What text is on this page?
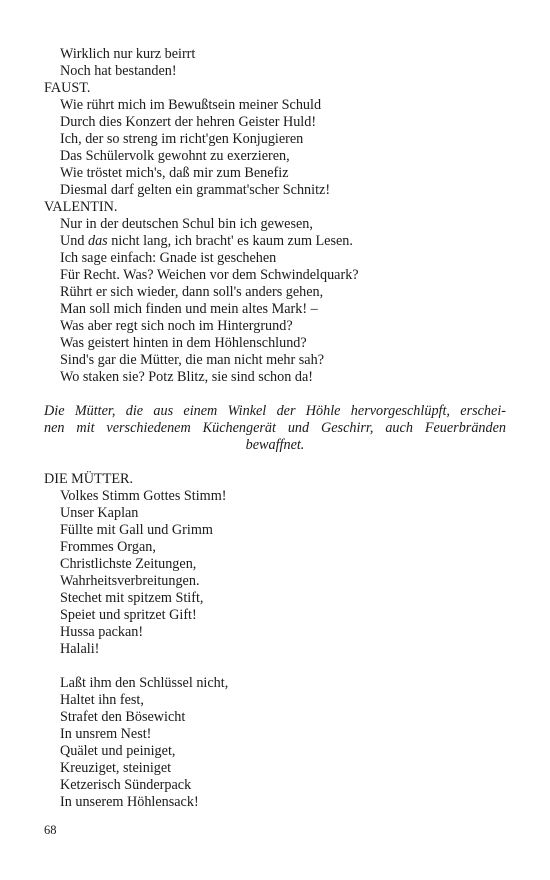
Wirklich nur kurz beirrt
Noch hat bestanden!
FAUST.
Wie rührt mich im Bewußtsein meiner Schuld
Durch dies Konzert der hehren Geister Huld!
Ich, der so streng im richt'gen Konjugieren
Das Schülervolk gewohnt zu exerzieren,
Wie tröstet mich's, daß mir zum Benefiz
Diesmal darf gelten ein grammat'scher Schnitz!
VALENTIN.
Nur in der deutschen Schul bin ich gewesen,
Und das nicht lang, ich bracht' es kaum zum Lesen.
Ich sage einfach: Gnade ist geschehen
Für Recht. Was? Weichen vor dem Schwindelquark?
Rührt er sich wieder, dann soll's anders gehen,
Man soll mich finden und mein altes Mark! –
Was aber regt sich noch im Hintergrund?
Was geistert hinten in dem Höhlenschlund?
Sind's gar die Mütter, die man nicht mehr sah?
Wo staken sie? Potz Blitz, sie sind schon da!
Die Mütter, die aus einem Winkel der Höhle hervorgeschlüpft, erschei-
nen mit verschiedenem Küchengerät und Geschirr, auch Feuerbränden
bewaffnet.
DIE MÜTTER.
Volkes Stimm Gottes Stimm!
Unser Kaplan
Füllte mit Gall und Grimm
Frommes Organ,
Christlichste Zeitungen,
Wahrheitsverbreitungen.
Stechet mit spitzem Stift,
Speiet und spritzet Gift!
Hussa packan!
Halali!
Laßt ihm den Schlüssel nicht,
Haltet ihn fest,
Strafet den Bösewicht
In unsrem Nest!
Quälet und peiniget,
Kreuziget, steiniget
Ketzerisch Sünderpack
In unserem Höhlensack!
68
